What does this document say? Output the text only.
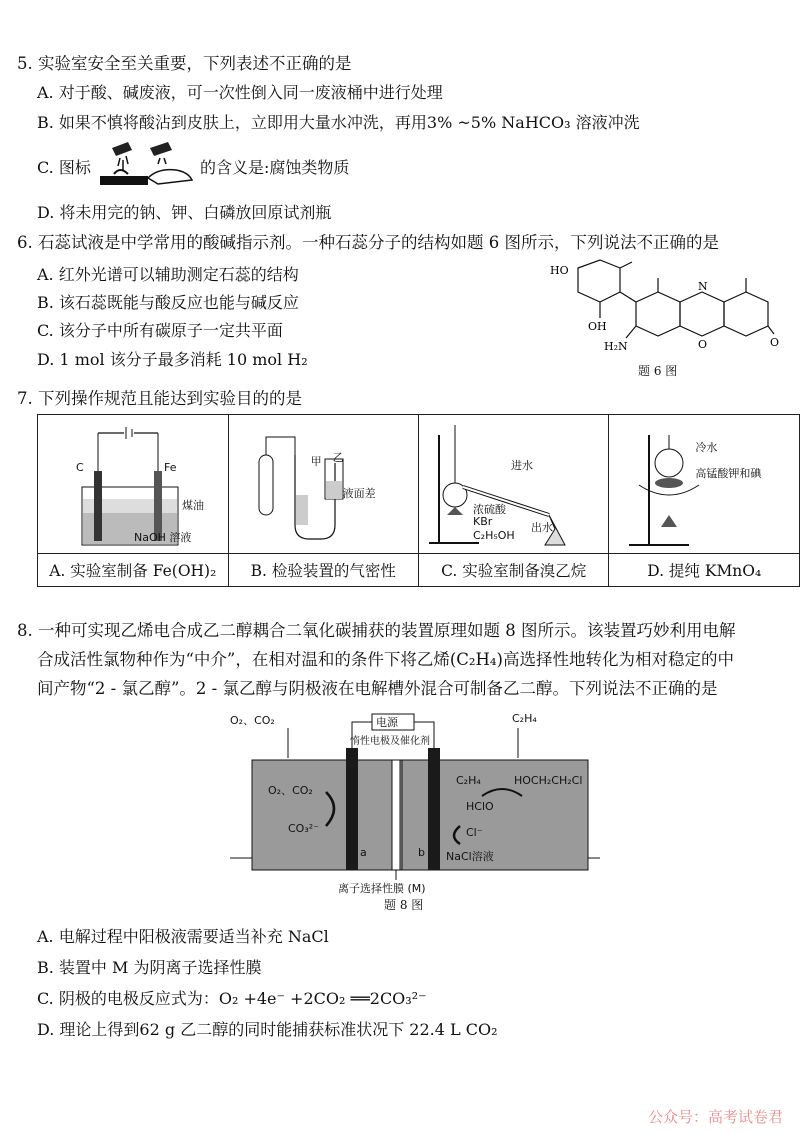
5. 实验室安全至关重要，下列表述不正确的是
A. 对于酸、碱废液，可一次性倒入同一废液桶中进行处理
B. 如果不慎将酸沾到皮肤上，立即用大量水冲洗，再用3% ~5% NaHCO₃ 溶液冲洗
C. 图标	的含义是:腐蚀类物质
D. 将未用完的钠、钾、白磷放回原试剂瓶
6. 石蕊试液是中学常用的酸碱指示剂。一种石蕊分子的结构如题 6 图所示，下列说法不正确的是
A. 红外光谱可以辅助测定石蕊的结构
B. 该石蕊既能与酸反应也能与碱反应
C. 该分子中所有碳原子一定共平面
D. 1 mol 该分子最多消耗 10 mol H₂
HO
OH
H₂N	O
N
O
题 6 图
7. 下列操作规范且能达到实验目的的是
C Fe
煤油
NaOH 溶液	甲 乙
液面差	进水
浓硫酸
KBr
C₂H₅OH
出水	冷水
高锰酸钾和碘

A. 实验室制备 Fe(OH)₂	B. 检验装置的气密性	C. 实验室制备溴乙烷	D. 提纯 KMnO₄
8. 一种可实现乙烯电合成乙二醇耦合二氧化碳捕获的装置原理如题 8 图所示。该装置巧妙利用电解
合成活性氯物种作为“中介”，在相对温和的条件下将乙烯(C₂H₄)高选择性地转化为相对稳定的中
间产物“2 - 氯乙醇”。2 - 氯乙醇与阴极液在电解槽外混合可制备乙二醇。下列说法不正确的是
O₂、CO₂	电源
惰性电极及催化剂
C₂H₄
O₂、CO₂
CO₃²⁻
a	b
C₂H₄	HOCH₂CH₂Cl
HClO
Cl⁻
NaCl溶液
离子选择性膜 (M)
题 8 图
A. 电解过程中阳极液需要适当补充 NaCl
B. 装置中 M 为阴离子选择性膜
C. 阴极的电极反应式为：O₂ +4e⁻ +2CO₂ ══2CO₃²⁻
D. 理论上得到62 g 乙二醇的同时能捕获标准状况下 22.4 L CO₂
公众号：高考试卷君
